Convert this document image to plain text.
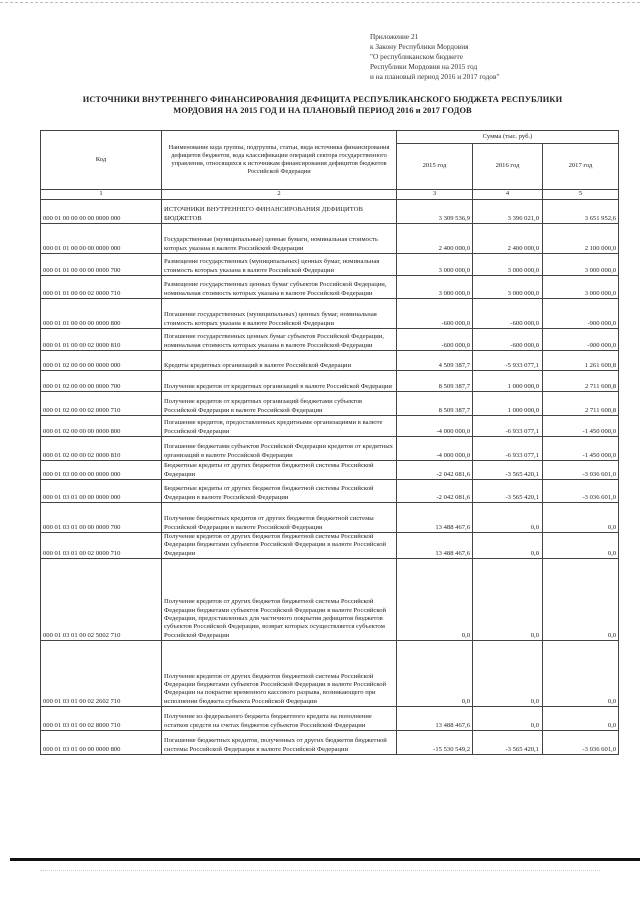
Приложение 21
к Закону Республики Мордовия
"О республиканском бюджете
Республики Мордовия на 2015 год
и на плановый период 2016 и 2017 годов"
ИСТОЧНИКИ ВНУТРЕННЕГО ФИНАНСИРОВАНИЯ ДЕФИЦИТА РЕСПУБЛИКАНСКОГО БЮДЖЕТА РЕСПУБЛИКИ
МОРДОВИЯ НА 2015 ГОД И НА ПЛАНОВЫЙ ПЕРИОД 2016 и 2017 ГОДОВ
Код	Наименование кода группы, подгруппы, статьи, вида источника финансирования дефицитов бюджетов, кода классификации операций сектора государственного управления, относящихся к источникам финансирования дефицитов бюджетов Российской Федерации	Сумма (тыс. руб.)		
		2015 год	2016 год	2017 год
1	2	3	4	5
000 01 00 00 00 00 0000 000	ИСТОЧНИКИ ВНУТРЕННЕГО ФИНАНСИРОВАНИЯ ДЕФИЦИТОВ БЮДЖЕТОВ	3 309 536,9	3 396 021,0	3 651 952,6
000 01 01 00 00 00 0000 000	Государственные (муниципальные) ценные бумаги, номинальная стоимость которых указана в валюте Российской Федерации	2 400 000,0	2 400 000,0	2 100 000,0
000 01 01 00 00 00 0000 700	Размещение государственных (муниципальных) ценных бумаг, номинальная стоимость которых указана в валюте Российской Федерации	3 000 000,0	3 000 000,0	3 000 000,0
000 01 01 00 00 02 0000 710	Размещение государственных ценных бумаг субъектов Российской Федерации, номинальная стоимость которых указана в валюте Российской Федерации	3 000 000,0	3 000 000,0	3 000 000,0
000 01 01 00 00 00 0000 800	Погашение государственных (муниципальных) ценных бумаг, номинальная стоимость которых указана в валюте Российской Федерации	-600 000,0	-600 000,0	-900 000,0
000 01 01 00 00 02 0000 810	Погашение государственных ценных бумаг субъектов Российской Федерации, номинальная стоимость которых указана в валюте Российской Федерации	-600 000,0	-600 000,0	-900 000,0
000 01 02 00 00 00 0000 000	Кредиты кредитных организаций в валюте Российской Федерации	4 509 387,7	-5 933 077,1	1 261 600,8
000 01 02 00 00 00 0000 700	Получение кредитов от кредитных организаций в валюте Российской Федерации	8 509 387,7	1 000 000,0	2 711 600,8
000 01 02 00 00 02 0000 710	Получение кредитов от кредитных организаций бюджетами субъектов Российской Федерации в валюте Российской Федерации	8 509 387,7	1 000 000,0	2 711 600,8
000 01 02 00 00 00 0000 800	Погашение кредитов, предоставленных кредитными организациями в валюте Российской Федерации	-4 000 000,0	-6 933 077,1	-1 450 000,0
000 01 02 00 00 02 0000 810	Погашение бюджетами субъектов Российской Федерации кредитов от кредитных организаций в валюте Российской Федерации	-4 000 000,0	-6 933 077,1	-1 450 000,0
000 01 03 00 00 00 0000 000	Бюджетные кредиты от других бюджетов бюджетной системы Российской Федерации	-2 042 081,6	-3 565 420,1	-3 036 601,0
000 01 03 01 00 00 0000 000	Бюджетные кредиты от других бюджетов бюджетной системы Российской Федерации в валюте Российской Федерации	-2 042 081,6	-3 565 420,1	-3 036 601,0
000 01 03 01 00 00 0000 700	Получение бюджетных кредитов от других бюджетов бюджетной системы Российской Федерации в валюте Российской Федерации	13 488 467,6	0,0	0,0
000 01 03 01 00 02 0000 710	Получение кредитов от других бюджетов бюджетной системы Российской Федерации бюджетами субъектов Российской Федерации в валюте Российской Федерации	13 488 467,6	0,0	0,0
000 01 03 01 00 02 5002 710	Получение кредитов от других бюджетов бюджетной системы Российской Федерации бюджетами субъектов Российской Федерации в валюте Российской Федерации, предоставленных для частичного покрытия дефицитов бюджетов субъектов Российской Федерации, возврат которых осуществляется субъектом Российской Федерации	0,0	0,0	0,0
000 01 03 01 00 02 2602 710	Получение кредитов от других бюджетов бюджетной системы Российской Федерации бюджетами субъектов Российской Федерации в валюте Российской Федерации на покрытие временного кассового разрыва, возникающего при исполнении бюджета субъекта Российской Федерации	0,0	0,0	0,0
000 01 03 01 00 02 8000 710	Получение из федерального бюджета бюджетного кредита на пополнение остатков средств на счетах бюджетов субъектов Российской Федерации	13 488 467,6	0,0	0,0
000 01 03 01 00 00 0000 800	Погашение бюджетных кредитов, полученных от других бюджетов бюджетной системы Российской Федерации в валюте Российской Федерации	-15 530 549,2	-3 565 420,1	-3 036 601,0
